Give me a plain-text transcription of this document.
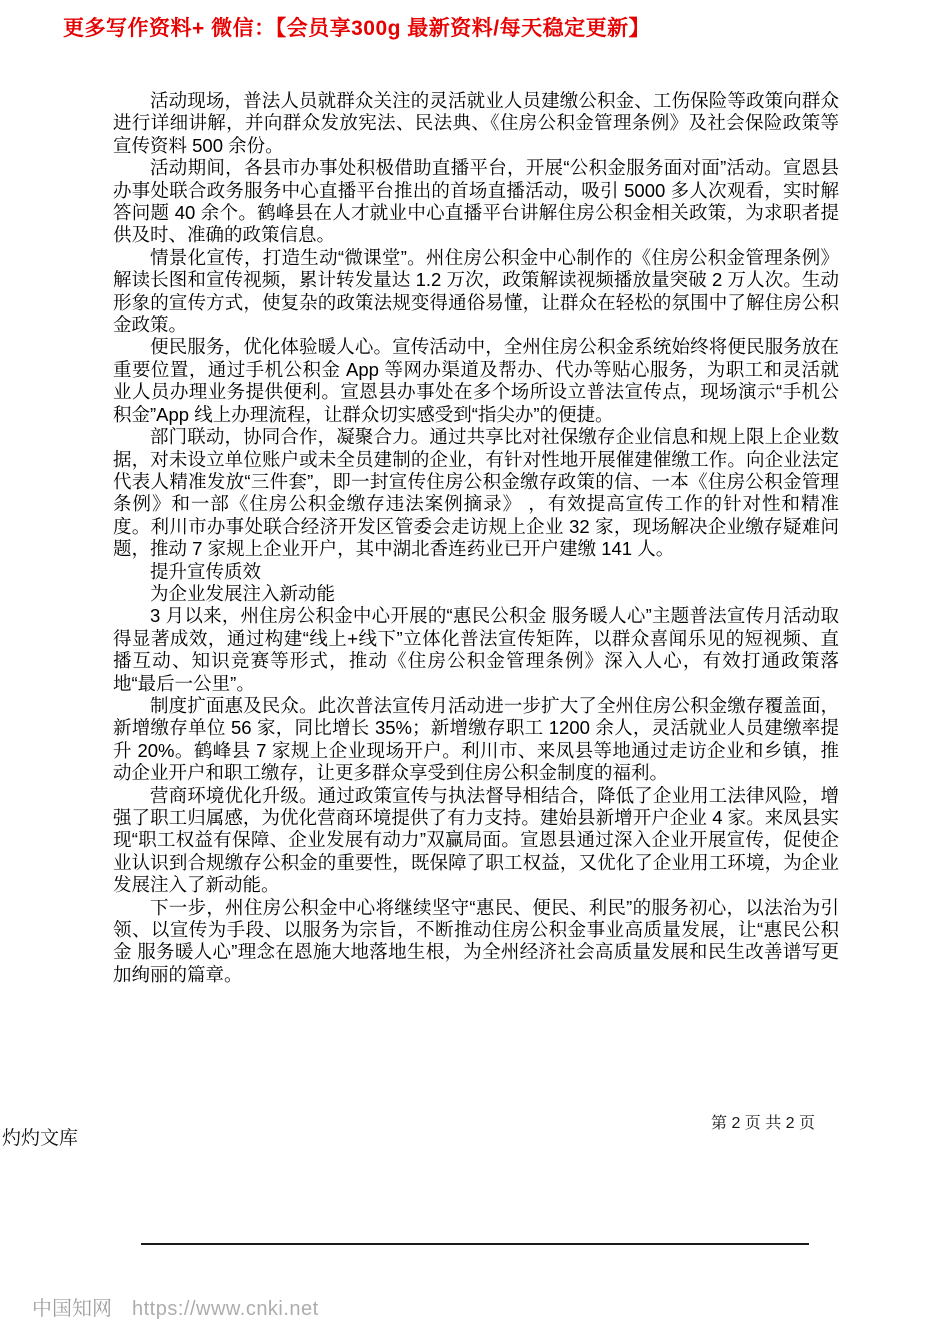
更多写作资料+ 微信：【会员享300g 最新资料/每天稳定更新】

活动现场，普法人员就群众关注的灵活就业人员建缴公积金、工伤保险等政策向群众进行详细讲解，并向群众发放宪法、民法典、《住房公积金管理条例》及社会保险政策等宣传资料 500 余份。

活动期间，各县市办事处积极借助直播平台，开展“公积金服务面对面”活动。宣恩县办事处联合政务服务中心直播平台推出的首场直播活动，吸引 5000 多人次观看，实时解答问题 40 余个。鹤峰县在人才就业中心直播平台讲解住房公积金相关政策，为求职者提供及时、准确的政策信息。

情景化宣传，打造生动“微课堂”。州住房公积金中心制作的《住房公积金管理条例》解读长图和宣传视频，累计转发量达 1.2 万次，政策解读视频播放量突破 2 万人次。生动形象的宣传方式，使复杂的政策法规变得通俗易懂，让群众在轻松的氛围中了解住房公积金政策。

便民服务，优化体验暖人心。宣传活动中，全州住房公积金系统始终将便民服务放在重要位置，通过手机公积金 App 等网办渠道及帮办、代办等贴心服务，为职工和灵活就业人员办理业务提供便利。宣恩县办事处在多个场所设立普法宣传点，现场演示“手机公积金”App 线上办理流程，让群众切实感受到“指尖办”的便捷。

部门联动，协同合作，凝聚合力。通过共享比对社保缴存企业信息和规上限上企业数据，对未设立单位账户或未全员建制的企业，有针对性地开展催建催缴工作。向企业法定代表人精准发放“三件套”，即一封宣传住房公积金缴存政策的信、一本《住房公积金管理条例》和一部《住房公积金缴存违法案例摘录》 ，有效提高宣传工作的针对性和精准度。利川市办事处联合经济开发区管委会走访规上企业 32 家，现场解决企业缴存疑难问题，推动 7 家规上企业开户，其中湖北香连药业已开户建缴 141 人。

提升宣传质效

为企业发展注入新动能

3 月以来，州住房公积金中心开展的“惠民公积金 服务暖人心”主题普法宣传月活动取得显著成效，通过构建“线上+线下”立体化普法宣传矩阵，以群众喜闻乐见的短视频、直播互动、知识竞赛等形式，推动《住房公积金管理条例》深入人心，有效打通政策落地“最后一公里”。

制度扩面惠及民众。此次普法宣传月活动进一步扩大了全州住房公积金缴存覆盖面，新增缴存单位 56 家，同比增长 35%；新增缴存职工 1200 余人，灵活就业人员建缴率提升 20%。鹤峰县 7 家规上企业现场开户。利川市、来凤县等地通过走访企业和乡镇，推动企业开户和职工缴存，让更多群众享受到住房公积金制度的福利。

营商环境优化升级。通过政策宣传与执法督导相结合，降低了企业用工法律风险，增强了职工归属感，为优化营商环境提供了有力支持。建始县新增开户企业 4 家。来凤县实现“职工权益有保障、企业发展有动力”双赢局面。宣恩县通过深入企业开展宣传，促使企业认识到合规缴存公积金的重要性，既保障了职工权益，又优化了企业用工环境，为企业发展注入了新动能。

下一步，州住房公积金中心将继续坚守“惠民、便民、利民”的服务初心，以法治为引领、以宣传为手段、以服务为宗旨，不断推动住房公积金事业高质量发展，让“惠民公积金 服务暖人心”理念在恩施大地落地生根，为全州经济社会高质量发展和民生改善谱写更加绚丽的篇章。

第 2 页 共 2 页
灼灼文库
中国知网 https://www.cnki.net
